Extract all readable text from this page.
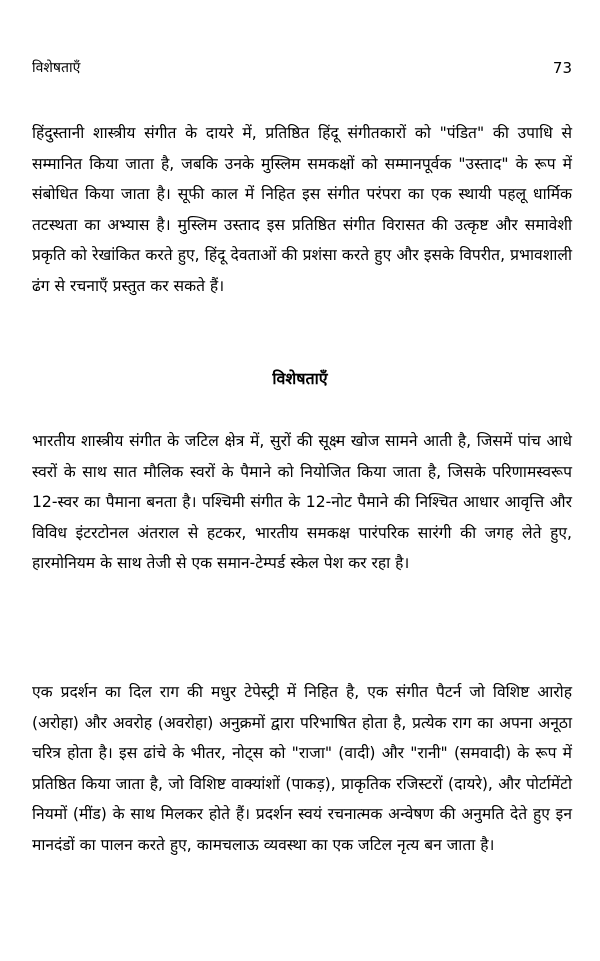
विशेषताएँ	73

हिंदुस्तानी शास्त्रीय संगीत के दायरे में, प्रतिष्ठित हिंदू संगीतकारों को "पंडित" की उपाधि से सम्मानित किया जाता है, जबकि उनके मुस्लिम समकक्षों को सम्मानपूर्वक "उस्ताद" के रूप में संबोधित किया जाता है। सूफी काल में निहित इस संगीत परंपरा का एक स्थायी पहलू धार्मिक तटस्थता का अभ्यास है। मुस्लिम उस्ताद इस प्रतिष्ठित संगीत विरासत की उत्कृष्ट और समावेशी प्रकृति को रेखांकित करते हुए, हिंदू देवताओं की प्रशंसा करते हुए और इसके विपरीत, प्रभावशाली ढंग से रचनाएँ प्रस्तुत कर सकते हैं।

विशेषताएँ

भारतीय शास्त्रीय संगीत के जटिल क्षेत्र में, सुरों की सूक्ष्म खोज सामने आती है, जिसमें पांच आधे स्वरों के साथ सात मौलिक स्वरों के पैमाने को नियोजित किया जाता है, जिसके परिणामस्वरूप 12-स्वर का पैमाना बनता है। पश्चिमी संगीत के 12-नोट पैमाने की निश्चित आधार आवृत्ति और विविध इंटरटोनल अंतराल से हटकर, भारतीय समकक्ष पारंपरिक सारंगी की जगह लेते हुए, हारमोनियम के साथ तेजी से एक समान-टेम्पर्ड स्केल पेश कर रहा है।

एक प्रदर्शन का दिल राग की मधुर टेपेस्ट्री में निहित है, एक संगीत पैटर्न जो विशिष्ट आरोह (अरोहा) और अवरोह (अवरोहा) अनुक्रमों द्वारा परिभाषित होता है, प्रत्येक राग का अपना अनूठा चरित्र होता है। इस ढांचे के भीतर, नोट्स को "राजा" (वादी) और "रानी" (समवादी) के रूप में प्रतिष्ठित किया जाता है, जो विशिष्ट वाक्यांशों (पाकड़), प्राकृतिक रजिस्टरों (दायरे), और पोर्टामेंटो नियमों (मींड) के साथ मिलकर होते हैं। प्रदर्शन स्वयं रचनात्मक अन्वेषण की अनुमति देते हुए इन मानदंडों का पालन करते हुए, कामचलाऊ व्यवस्था का एक जटिल नृत्य बन जाता है।
